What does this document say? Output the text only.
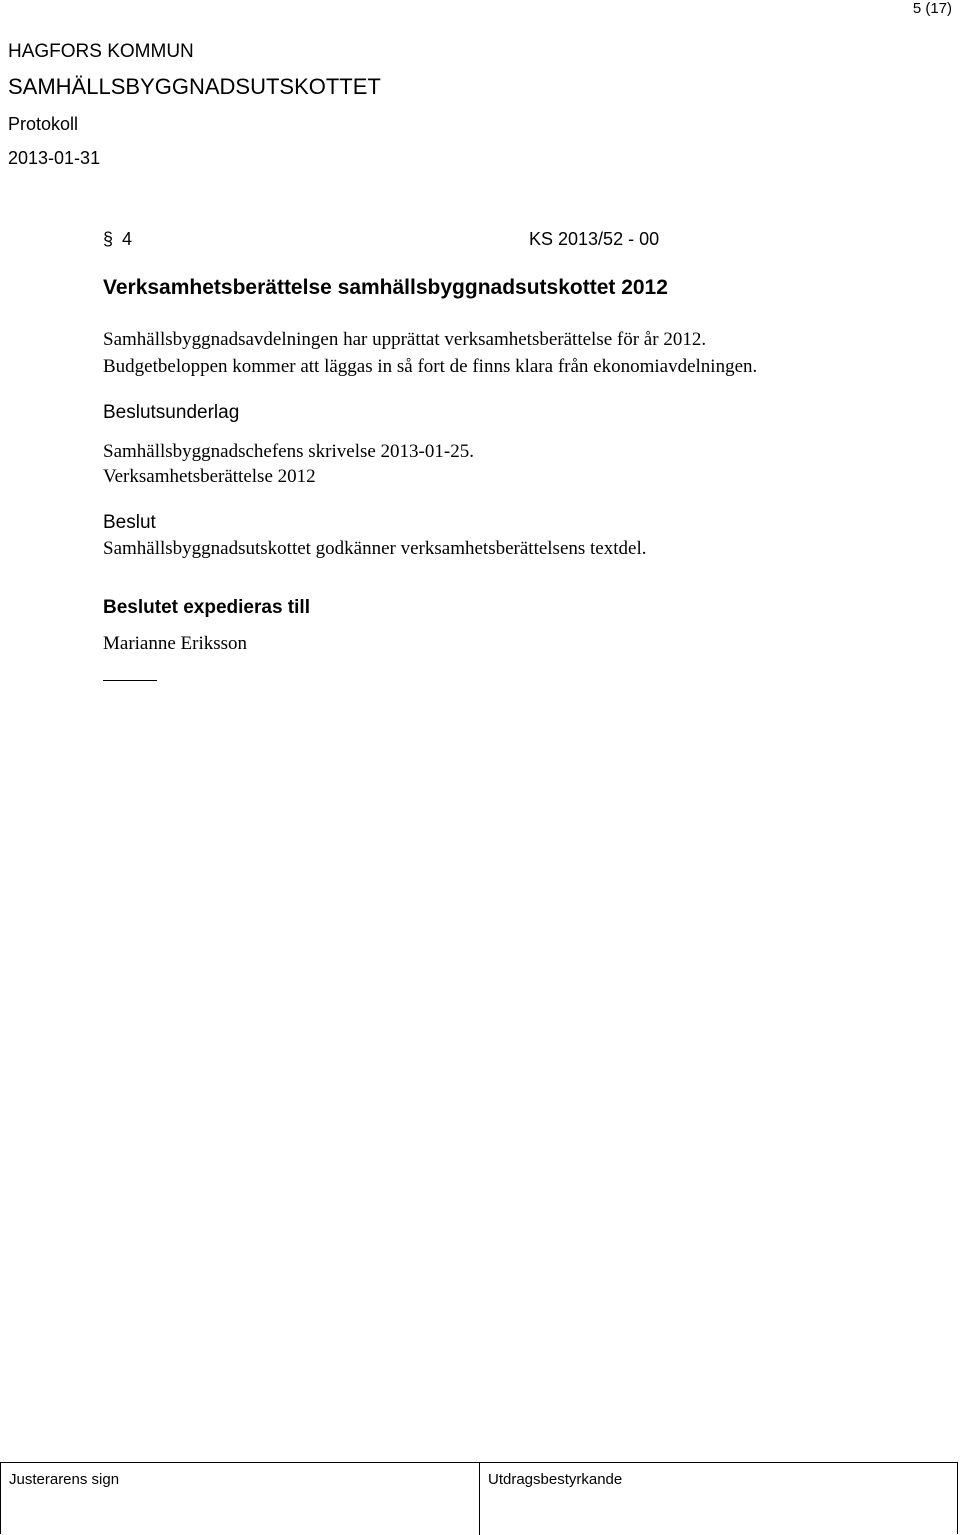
5 (17)
HAGFORS KOMMUN
SAMHÄLLSBYGGNADSUTSKOTTET
Protokoll
2013-01-31
§ 4	KS 2013/52 - 00
Verksamhetsberättelse samhällsbyggnadsutskottet 2012
Samhällsbyggnadsavdelningen har upprättat verksamhetsberättelse för år 2012.
Budgetbeloppen kommer att läggas in så fort de finns klara från ekonomiavdelningen.
Beslutsunderlag
Samhällsbyggnadschefens skrivelse 2013-01-25.
Verksamhetsberättelse 2012
Beslut
Samhällsbyggnadsutskottet godkänner verksamhetsberättelsens textdel.
Beslutet expedieras till
Marianne Eriksson
Justerarens sign	Utdragsbestyrkande
